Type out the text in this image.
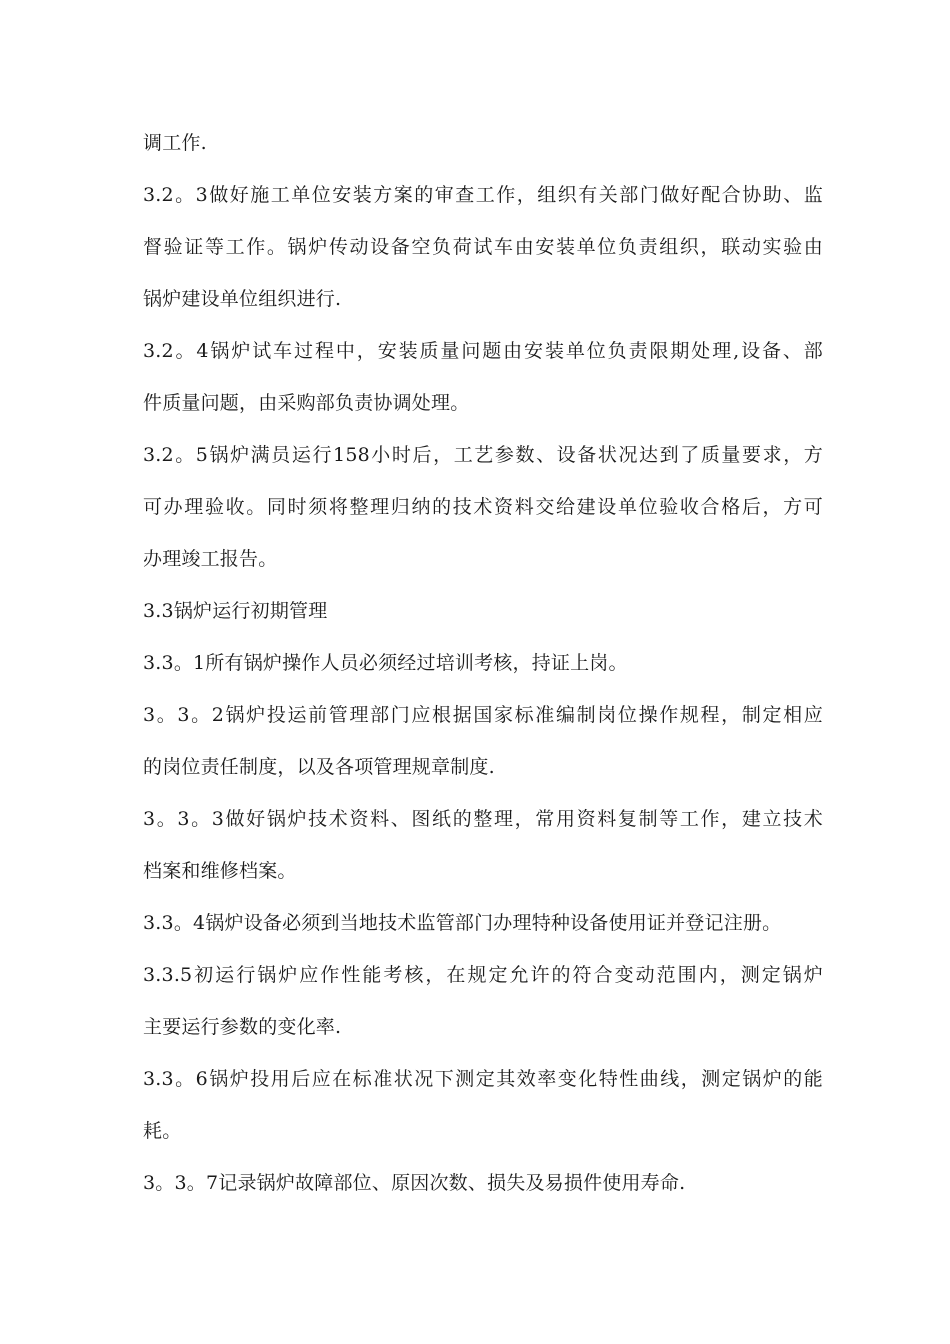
调工作.
3.2。3做好施工单位安装方案的审查工作，组织有关部门做好配合协助、监
督验证等工作。锅炉传动设备空负荷试车由安装单位负责组织，联动实验由
锅炉建设单位组织进行.
3.2。4锅炉试车过程中，安装质量问题由安装单位负责限期处理,设备、部
件质量问题，由采购部负责协调处理。
3.2。5锅炉满员运行158小时后，工艺参数、设备状况达到了质量要求，方
可办理验收。同时须将整理归纳的技术资料交给建设单位验收合格后，方可
办理竣工报告。
3.3锅炉运行初期管理
3.3。1所有锅炉操作人员必须经过培训考核，持证上岗。
3。3。2锅炉投运前管理部门应根据国家标准编制岗位操作规程，制定相应
的岗位责任制度，以及各项管理规章制度.
3。3。3做好锅炉技术资料、图纸的整理，常用资料复制等工作，建立技术
档案和维修档案。
3.3。4锅炉设备必须到当地技术监管部门办理特种设备使用证并登记注册。
3.3.5初运行锅炉应作性能考核，在规定允许的符合变动范围内，测定锅炉
主要运行参数的变化率.
3.3。6锅炉投用后应在标准状况下测定其效率变化特性曲线，测定锅炉的能
耗。
3。3。7记录锅炉故障部位、原因次数、损失及易损件使用寿命.
